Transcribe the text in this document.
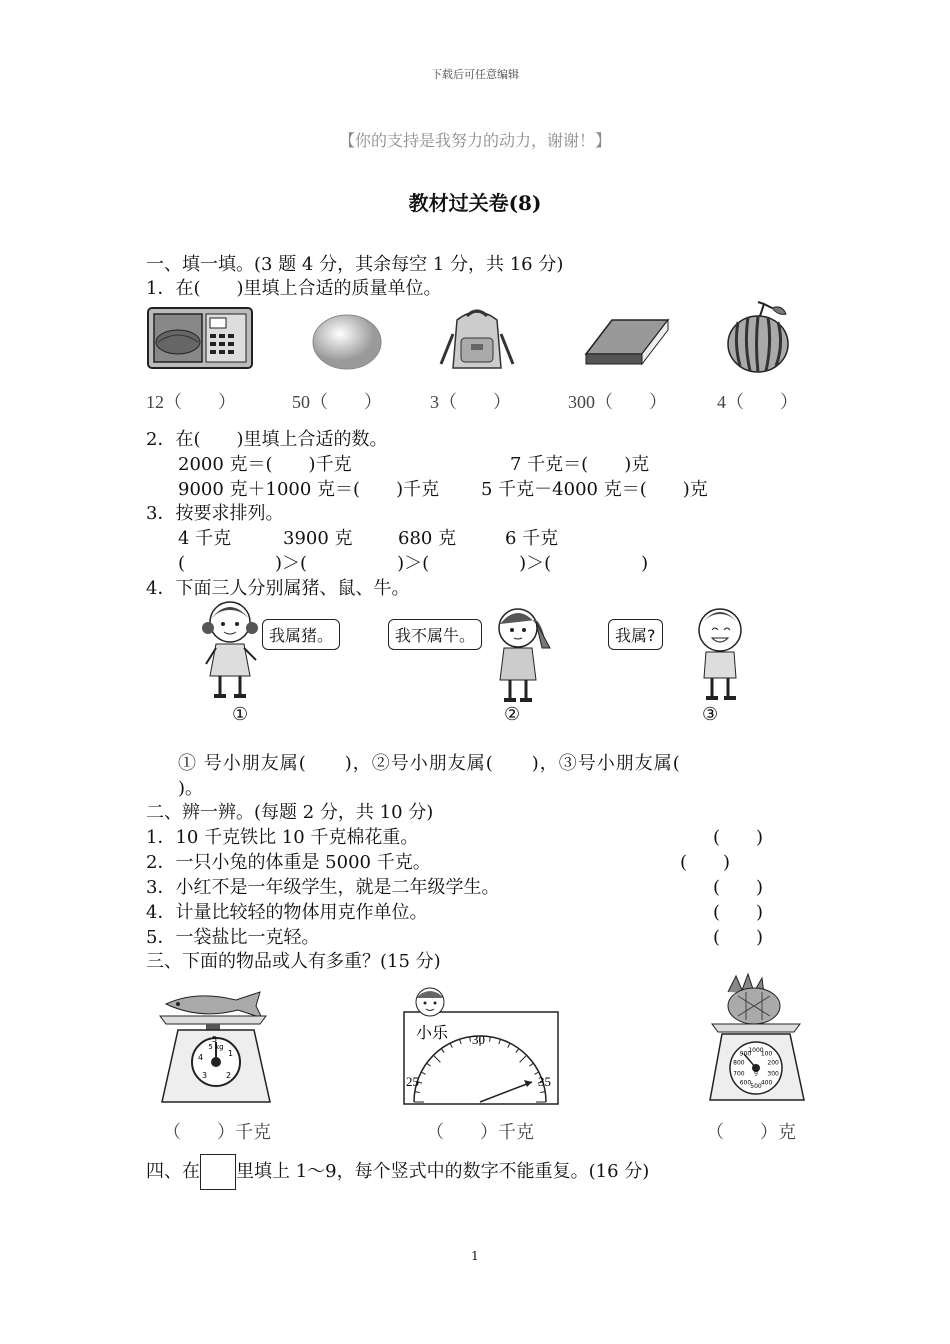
下载后可任意编辑
【你的支持是我努力的动力，谢谢！】
教材过关卷(8)
一、填一填。(3 题 4 分，其余每空 1 分，共 16 分)
1．在(　　)里填上合适的质量单位。
12（　　）	50（　　）	3（　　）	300（　　）	4（　　）
2．在(　　)里填上合适的数。
2000 克＝(　　)千克	7 千克＝(　　)克
9000 克＋1000 克＝(　　)千克 5 千克－4000 克＝(　　)克
3．按要求排列。
4 千克	3900 克	680 克	6 千克
(　　　　　)＞(　　　　　)＞(　　　　　)＞(　　　　　)
4．下面三人分别属猪、鼠、牛。
我属猪。	我不属牛。	我属?
①	②	③
① 号小朋友属(　　)，②号小朋友属(　　)，③号小朋友属(
)。
二、辨一辨。(每题 2 分，共 10 分)
1．10 千克铁比 10 千克棉花重。	(　　)
2．一只小兔的体重是 5000 千克。	(　　)
3．小红不是一年级学生，就是二年级学生。	(　　)
4．计量比较轻的物体用克作单位。	(　　)
5．一袋盐比一克轻。	(　　)
三、下面的物品或人有多重？(15 分)
5 kg
1
2
3
4
5
（　　）千克
小乐
25
30
35
（　　）千克
g
1000
100
200
300
400
500
600
700
800
900
（　　）克
四、在 里填上 1～9，每个竖式中的数字不能重复。(16 分)
1
